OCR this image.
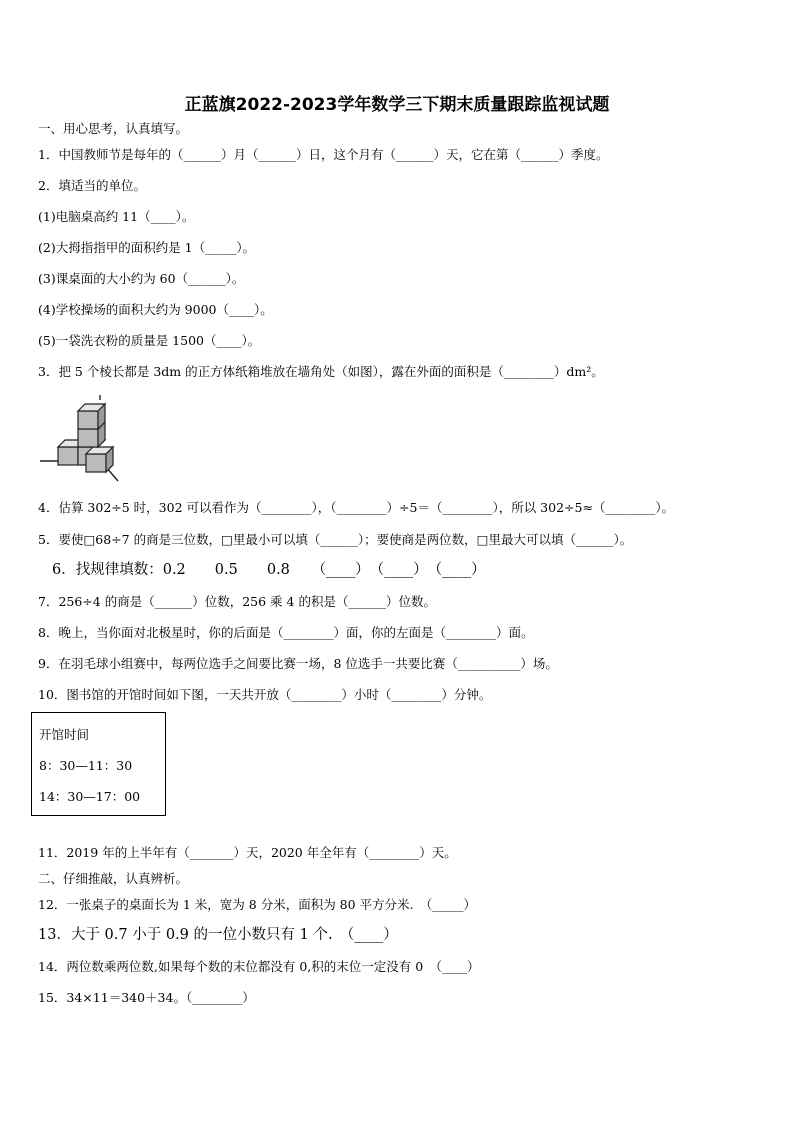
正蓝旗2022-2023学年数学三下期末质量跟踪监视试题
一、用心思考，认真填写。
1．中国教师节是每年的（______）月（______）日，这个月有（______）天，它在第（______）季度。
2．填适当的单位。
(1)电脑桌高约 11（____）。
(2)大拇指指甲的面积约是 1（_____）。
(3)课桌面的大小约为 60（______）。
(4)学校操场的面积大约为 9000（____）。
(5)一袋洗衣粉的质量是 1500（____）。
3．把 5 个棱长都是 3dm 的正方体纸箱堆放在墙角处（如图），露在外面的面积是（________）dm²。
4．估算 302÷5 时，302 可以看作为（________），（________）÷5＝（________），所以 302÷5≈（________）。
5．要使□68÷7 的商是三位数，□里最小可以填（______）；要使商是两位数，□里最大可以填（______）。
6．找规律填数：0.2　　0.5　　0.8　　（____）　（____）　（____）
7．256÷4 的商是（______）位数，256 乘 4 的积是（______）位数。
8．晚上，当你面对北极星时，你的后面是（________）面，你的左面是（________）面。
9．在羽毛球小组赛中，每两位选手之间要比赛一场，8 位选手一共要比赛（__________）场。
10．图书馆的开馆时间如下图，一天共开放（________）小时（________）分钟。
开馆时间
8：30—11：30
14：30—17：00
11．2019 年的上半年有（_______）天，2020 年全年有（________）天。
二、仔细推敲，认真辨析。
12．一张桌子的桌面长为 1 米，宽为 8 分米，面积为 80 平方分米.　（_____）
13．大于 0.7 小于 0.9 的一位小数只有 1 个.　（____）
14．两位数乘两位数,如果每个数的末位都没有 0,积的末位一定没有 0　（____）
15．34×11＝340＋34。（________）
